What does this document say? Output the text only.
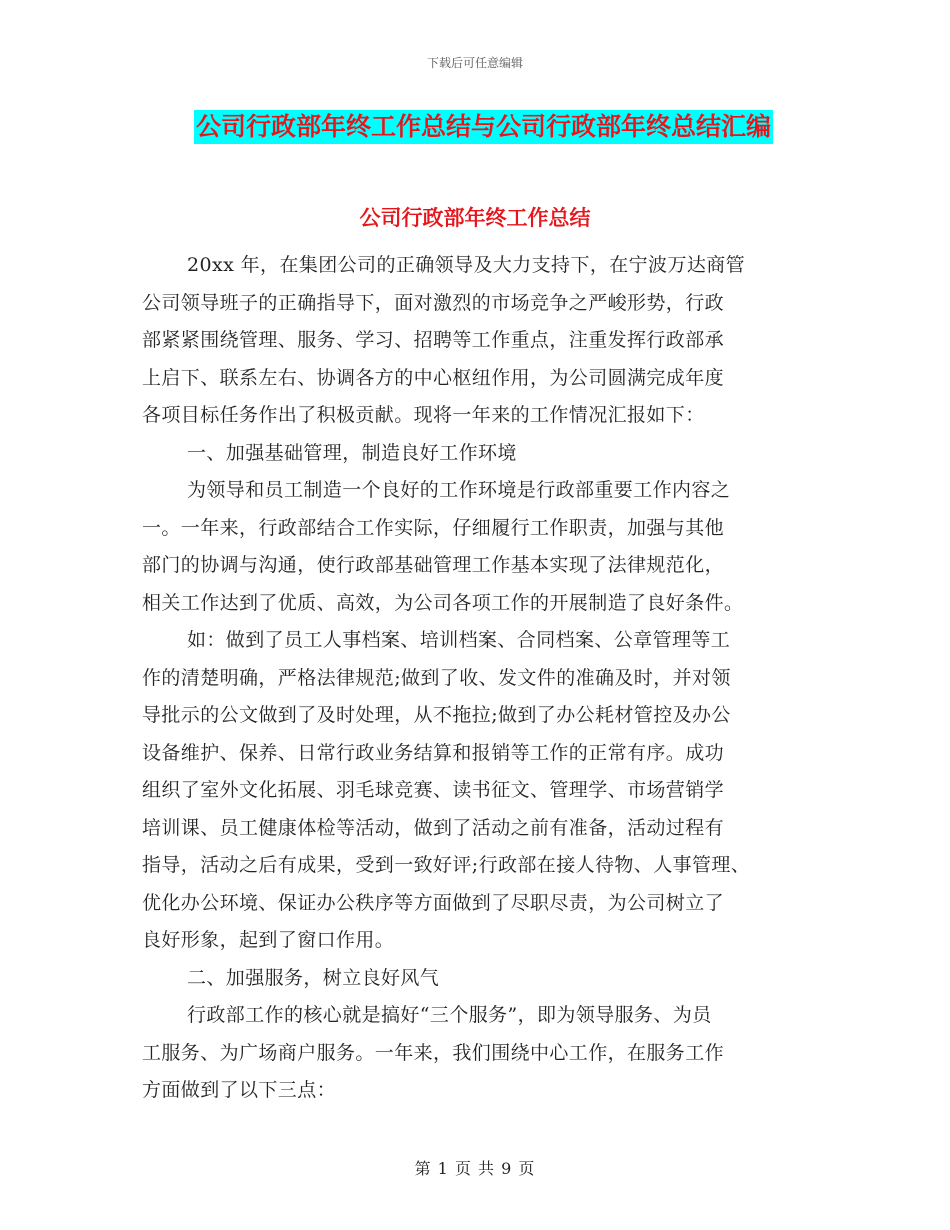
下载后可任意编辑
公司行政部年终工作总结与公司行政部年终总结汇编
公司行政部年终工作总结
20xx 年，在集团公司的正确领导及大力支持下，在宁波万达商管
公司领导班子的正确指导下，面对激烈的市场竞争之严峻形势，行政
部紧紧围绕管理、服务、学习、招聘等工作重点，注重发挥行政部承
上启下、联系左右、协调各方的中心枢纽作用，为公司圆满完成年度
各项目标任务作出了积极贡献。现将一年来的工作情况汇报如下：
一、加强基础管理，制造良好工作环境
为领导和员工制造一个良好的工作环境是行政部重要工作内容之
一。一年来，行政部结合工作实际，仔细履行工作职责，加强与其他
部门的协调与沟通，使行政部基础管理工作基本实现了法律规范化，
相关工作达到了优质、高效，为公司各项工作的开展制造了良好条件。
如：做到了员工人事档案、培训档案、合同档案、公章管理等工
作的清楚明确，严格法律规范;做到了收、发文件的准确及时，并对领
导批示的公文做到了及时处理，从不拖拉;做到了办公耗材管控及办公
设备维护、保养、日常行政业务结算和报销等工作的正常有序。成功
组织了室外文化拓展、羽毛球竞赛、读书征文、管理学、市场营销学
培训课、员工健康体检等活动，做到了活动之前有准备，活动过程有
指导，活动之后有成果，受到一致好评;行政部在接人待物、人事管理、
优化办公环境、保证办公秩序等方面做到了尽职尽责，为公司树立了
良好形象，起到了窗口作用。
二、加强服务，树立良好风气
行政部工作的核心就是搞好“三个服务”，即为领导服务、为员
工服务、为广场商户服务。一年来，我们围绕中心工作，在服务工作
方面做到了以下三点：
第 1 页 共 9 页
